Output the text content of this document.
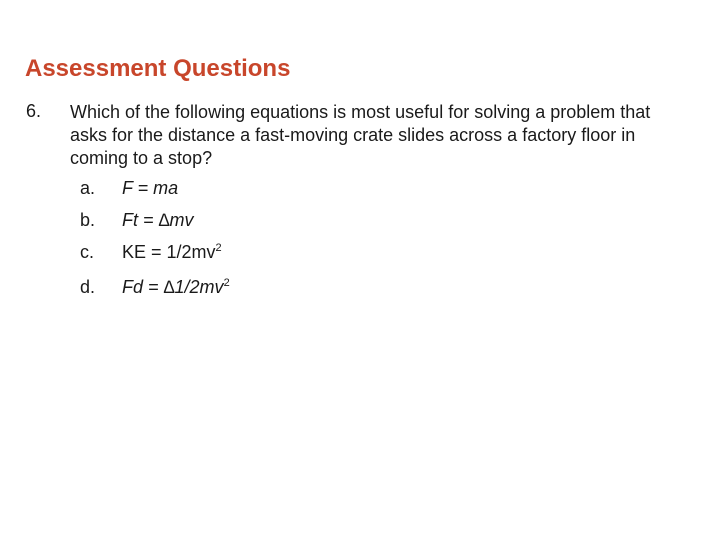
Assessment Questions
6. Which of the following equations is most useful for solving a problem that asks for the distance a fast-moving crate slides across a factory floor in coming to a stop?
a. F = ma
b. Ft = ∆mv
c. KE = $1/2mv^2$
d. $Fd = \Delta 1/2mv^2$
